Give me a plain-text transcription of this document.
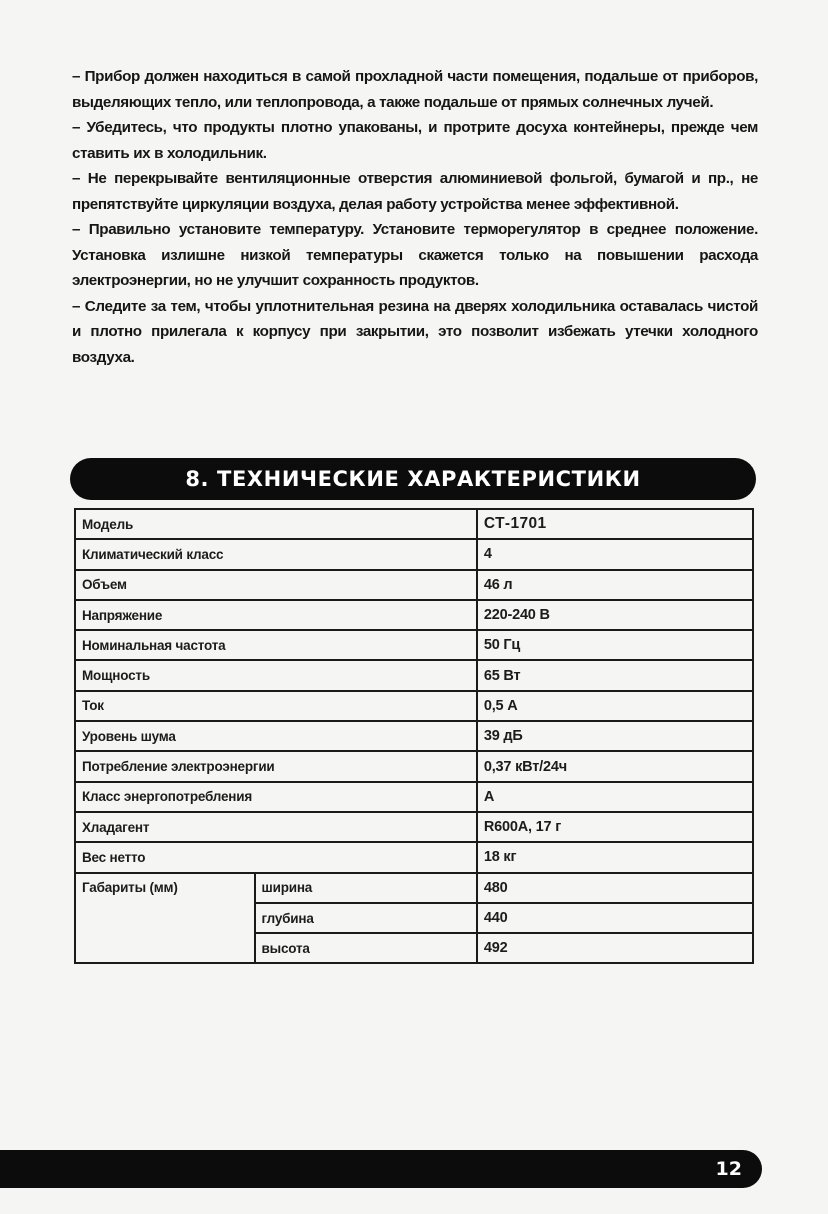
– Прибор должен находиться в самой прохладной части помещения, подальше от приборов, выделяющих тепло, или теплопровода, а также подальше от прямых солнечных лучей.

– Убедитесь, что продукты плотно упакованы, и протрите досуха контейнеры, прежде чем ставить их в холодильник.

– Не перекрывайте вентиляционные отверстия алюминиевой фольгой, бумагой и пр., не препятствуйте циркуляции воздуха, делая работу устройства менее эффективной.

– Правильно установите температуру. Установите терморегулятор в среднее положение. Установка излишне низкой температуры скажется только на повышении расхода электроэнергии, но не улучшит сохранность продуктов.

– Следите за тем, чтобы уплотнительная резина на дверях холодильника оставалась чистой и плотно прилегала к корпусу при закрытии, это позволит избежать утечки холодного воздуха.

8. ТЕХНИЧЕСКИЕ ХАРАКТЕРИСТИКИ
Модель		СТ-1701
Климатический класс		4
Объем		46 л
Напряжение		220-240 В
Номинальная частота		50 Гц
Мощность		65 Вт
Ток		0,5 А
Уровень шума		39 дБ
Потребление электроэнергии		0,37 кВт/24ч
Класс энергопотребления		А
Хладагент		R600A, 17 г
Вес нетто		18 кг
Габариты (мм)	ширина	480
	глубина	440
	высота	492
12
